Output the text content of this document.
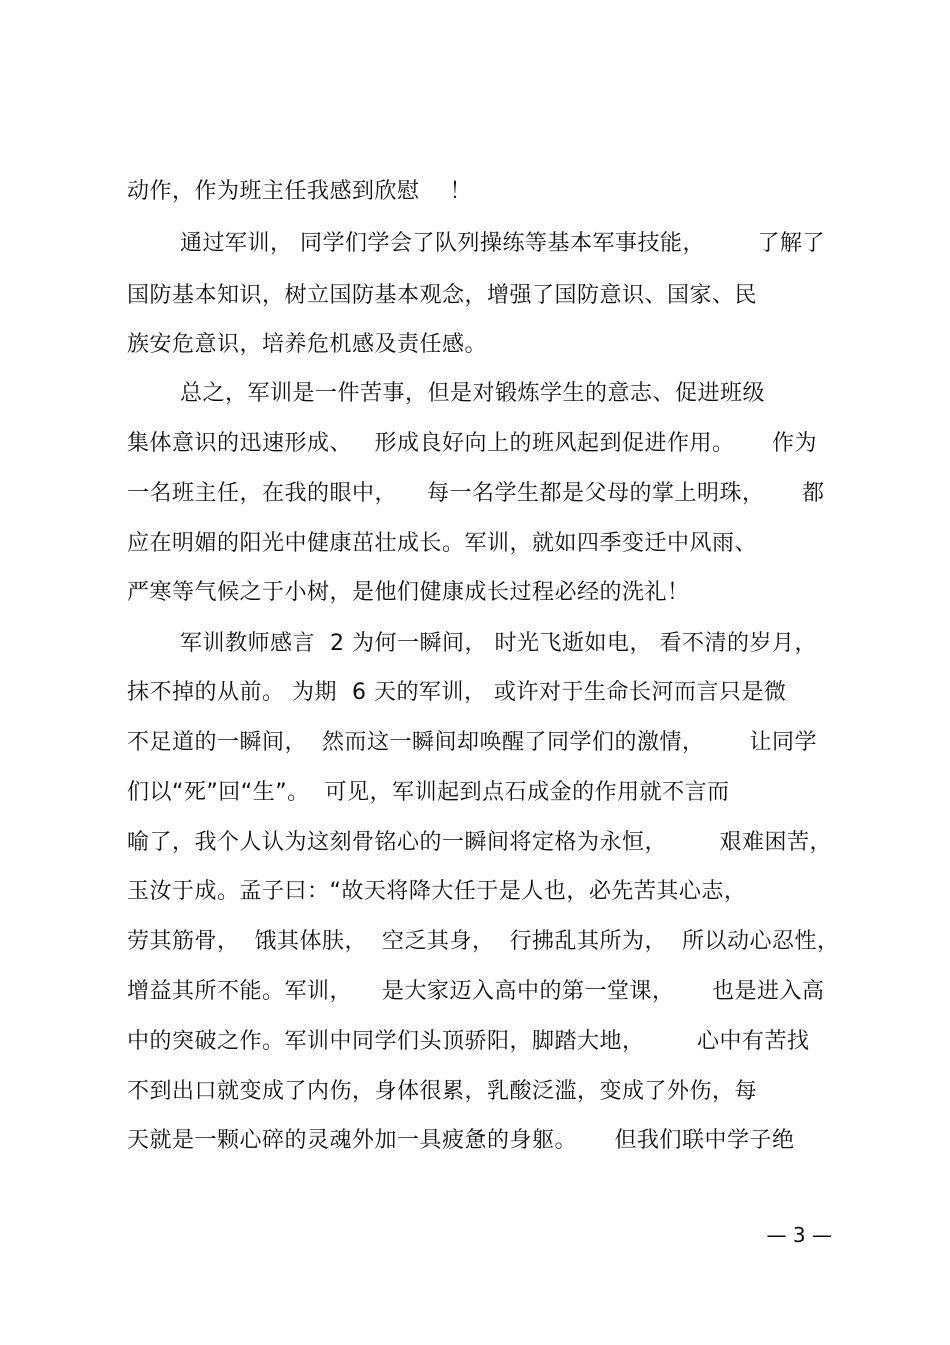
动作，作为班主任我感到欣慰    ！
通过军训， 同学们学会了队列操练等基本军事技能，       了解了
国防基本知识，树立国防基本观念，增强了国防意识、国家、民
族安危意识，培养危机感及责任感。
总之，军训是一件苦事，但是对锻炼学生的意志、促进班级
集体意识的迅速形成、   形成良好向上的班风起到促进作用。     作为
一名班主任，在我的眼中，    每一名学生都是父母的掌上明珠，     都
应在明媚的阳光中健康茁壮成长。军训，就如四季变迁中风雨、
严寒等气候之于小树，是他们健康成长过程必经的洗礼！
军训教师感言  2 为何一瞬间， 时光飞逝如电， 看不清的岁月，
抹不掉的从前。 为期  6 天的军训， 或许对于生命长河而言只是微
不足道的一瞬间，  然而这一瞬间却唤醒了同学们的激情，      让同学
们以“死”回“生”。  可见，军训起到点石成金的作用就不言而
喻了，我个人认为这刻骨铭心的一瞬间将定格为永恒，       艰难困苦，
玉汝于成。孟子曰：“故天将降大任于是人也，必先苦其心志，
劳其筋骨，  饿其体肤，  空乏其身，  行拂乱其所为，  所以动心忍性，
增益其所不能。军训，    是大家迈入高中的第一堂课，     也是进入高
中的突破之作。军训中同学们头顶骄阳，脚踏大地，       心中有苦找
不到出口就变成了内伤，身体很累，乳酸泛滥，变成了外伤，每
天就是一颗心碎的灵魂外加一具疲惫的身躯。     但我们联中学子绝
— 3 —
